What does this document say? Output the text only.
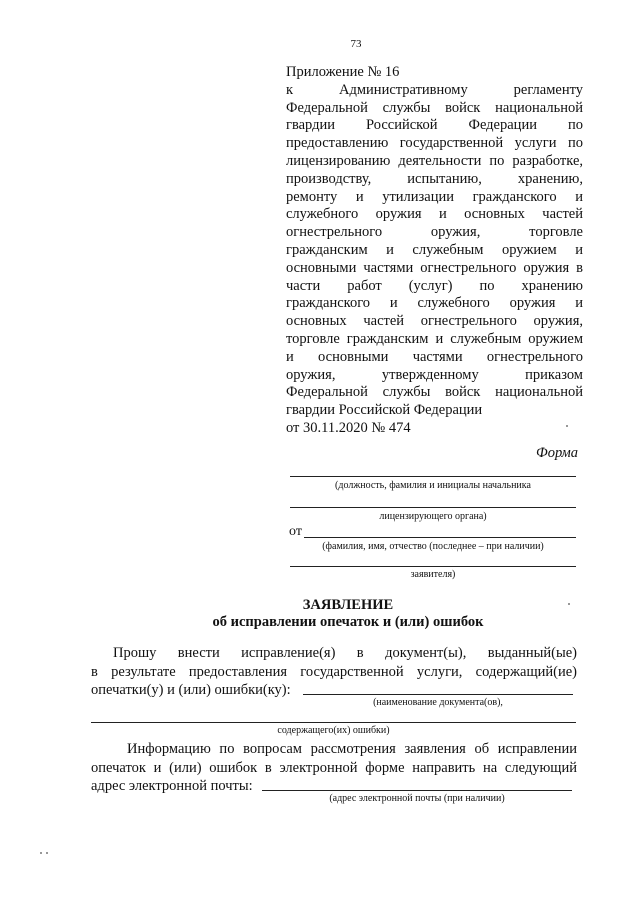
73
Приложение № 16
к Административному регламенту
Федеральной службы войск национальной
гвардии Российской Федерации по
предоставлению государственной услуги по
лицензированию деятельности по разработке,
производству, испытанию, хранению,
ремонту и утилизации гражданского и
служебного оружия и основных частей
огнестрельного оружия, торговле
гражданским и служебным оружием и
основными частями огнестрельного оружия в
части работ (услуг) по хранению
гражданского и служебного оружия и
основных частей огнестрельного оружия,
торговле гражданским и служебным оружием
и основными частями огнестрельного
оружия, утвержденному приказом
Федеральной службы войск национальной
гвардии Российской Федерации
от 30.11.2020 № 474
Форма
(должность, фамилия и инициалы начальника
лицензирующего органа)
от
(фамилия, имя, отчество (последнее – при наличии)
заявителя)
ЗАЯВЛЕНИЕ
об исправлении опечаток и (или) ошибок
Прошу внести исправление(я) в документ(ы), выданный(ые)
в результате предоставления государственной услуги, содержащий(ие)
опечатки(у) и (или) ошибки(ку):
(наименование документа(ов),
содержащего(их) ошибки)
Информацию по вопросам рассмотрения заявления об исправлении
опечаток и (или) ошибок в электронной форме направить на следующий
адрес электронной почты:
(адрес электронной почты (при наличии)
